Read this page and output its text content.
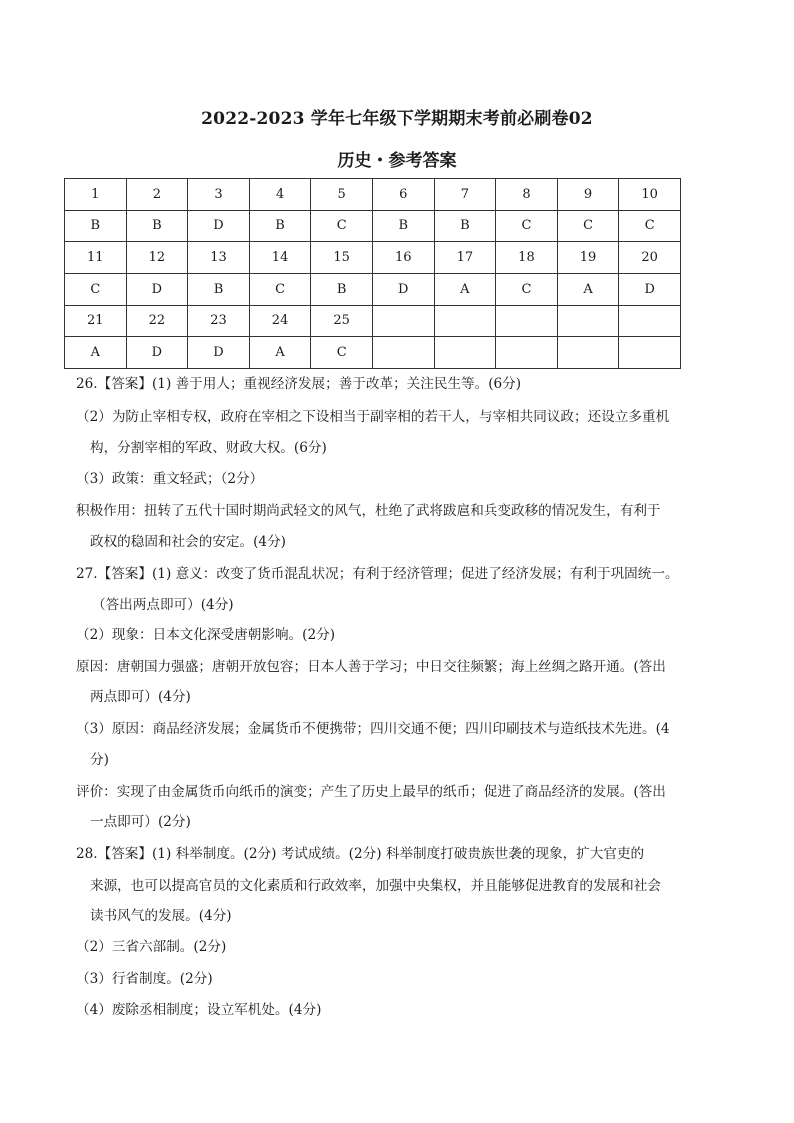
2022-2023 学年七年级下学期期末考前必刷卷02
历史・参考答案
1	2	3	4	5	6	7	8	9	10
B	B	D	B	C	B	B	C	C	C
11	12	13	14	15	16	17	18	19	20
C	D	B	C	B	D	A	C	A	D
21	22	23	24	25					
A	D	D	A	C					
26.【答案】(1) 善于用人；重视经济发展；善于改革；关注民生等。(6分)
（2）为防止宰相专权，政府在宰相之下设相当于副宰相的若干人，与宰相共同议政；还设立多重机
构，分割宰相的军政、财政大权。(6分)
（3）政策：重文轻武；（2分）
积极作用：扭转了五代十国时期尚武轻文的风气，杜绝了武将跋扈和兵变政移的情况发生，有利于
政权的稳固和社会的安定。(4分)
27.【答案】(1) 意义：改变了货币混乱状况；有利于经济管理；促进了经济发展；有利于巩固统一。
（答出两点即可）(4分)
（2）现象：日本文化深受唐朝影响。(2分)
原因：唐朝国力强盛；唐朝开放包容；日本人善于学习；中日交往频繁；海上丝绸之路开通。(答出
两点即可）(4分)
（3）原因：商品经济发展；金属货币不便携带；四川交通不便；四川印刷技术与造纸技术先进。(4
分)
评价：实现了由金属货币向纸币的演变；产生了历史上最早的纸币；促进了商品经济的发展。(答出
一点即可）(2分)
28.【答案】(1) 科举制度。(2分) 考试成绩。(2分) 科举制度打破贵族世袭的现象，扩大官吏的
来源，也可以提高官员的文化素质和行政效率，加强中央集权，并且能够促进教育的发展和社会
读书风气的发展。(4分)
（2）三省六部制。(2分)
（3）行省制度。(2分)
（4）废除丞相制度；设立军机处。(4分)
